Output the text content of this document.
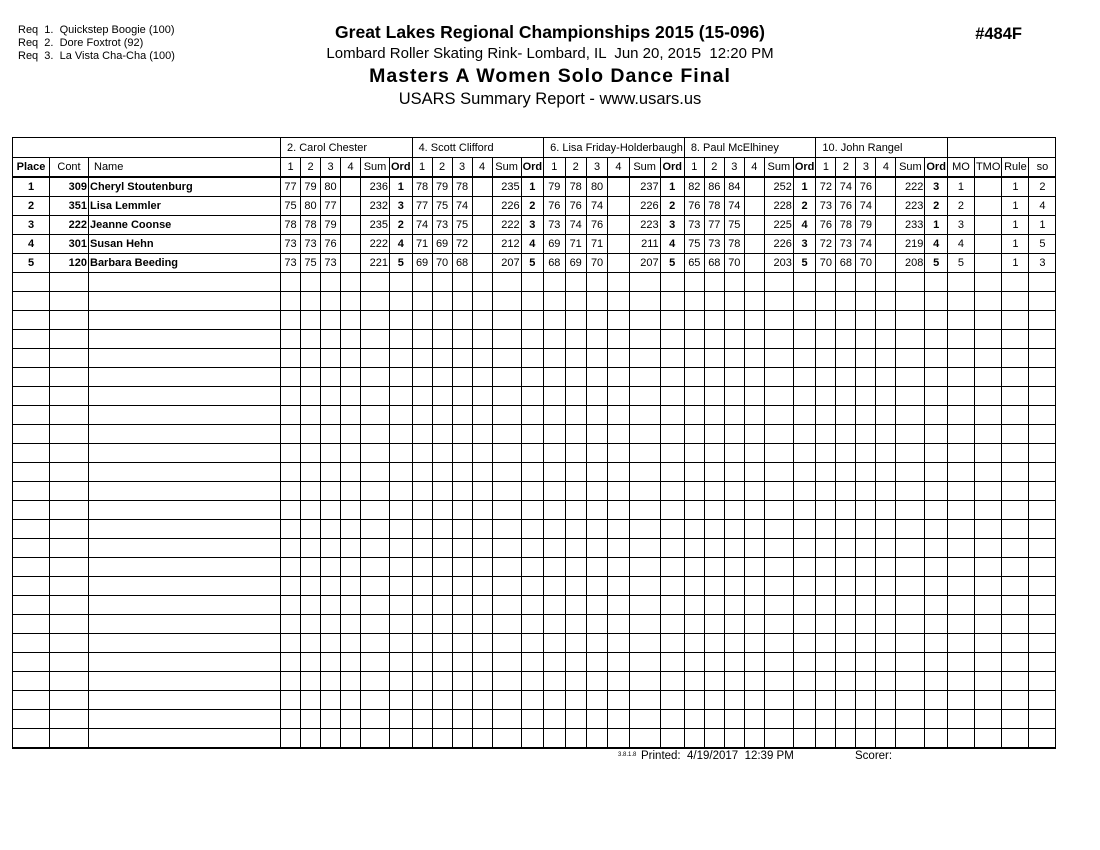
Req  1.  Quickstep Boogie (100)
Req  2.  Dore Foxtrot (92)
Req  3.  La Vista Cha-Cha (100)
Great Lakes Regional Championships 2015 (15-096)
Lombard Roller Skating Rink- Lombard, IL  Jun 20, 2015  12:20 PM
Masters A Women Solo Dance Final
USARS Summary Report - www.usars.us
#484F
			2. Carol Chester						4. Scott Clifford						6. Lisa Friday-Holderbaugh						8. Paul McElhiney						10. John Rangel									
Place	Cont	Name	1	2	3	4	Sum	Ord	1	2	3	4	Sum	Ord	1	2	3	4	Sum	Ord	1	2	3	4	Sum	Ord	1	2	3	4	Sum	Ord	MO	TMO	Rule	so
1	309	Cheryl Stoutenburg	77	79	80		236	1	78	79	78		235	1	79	78	80		237	1	82	86	84		252	1	72	74	76		222	3	1		1	2
2	351	Lisa Lemmler	75	80	77		232	3	77	75	74		226	2	76	76	74		226	2	76	78	74		228	2	73	76	74		223	2	2		1	4
3	222	Jeanne Coonse	78	78	79		235	2	74	73	75		222	3	73	74	76		223	3	73	77	75		225	4	76	78	79		233	1	3		1	1
4	301	Susan Hehn	73	73	76		222	4	71	69	72		212	4	69	71	71		211	4	75	73	78		226	3	72	73	74		219	4	4		1	5
5	120	Barbara Beeding	73	75	73		221	5	69	70	68		207	5	68	69	70		207	5	65	68	70		203	5	70	68	70		208	5	5		1	3

3.8.1.8 Printed:  4/19/2017  12:39 PM	Scorer:
